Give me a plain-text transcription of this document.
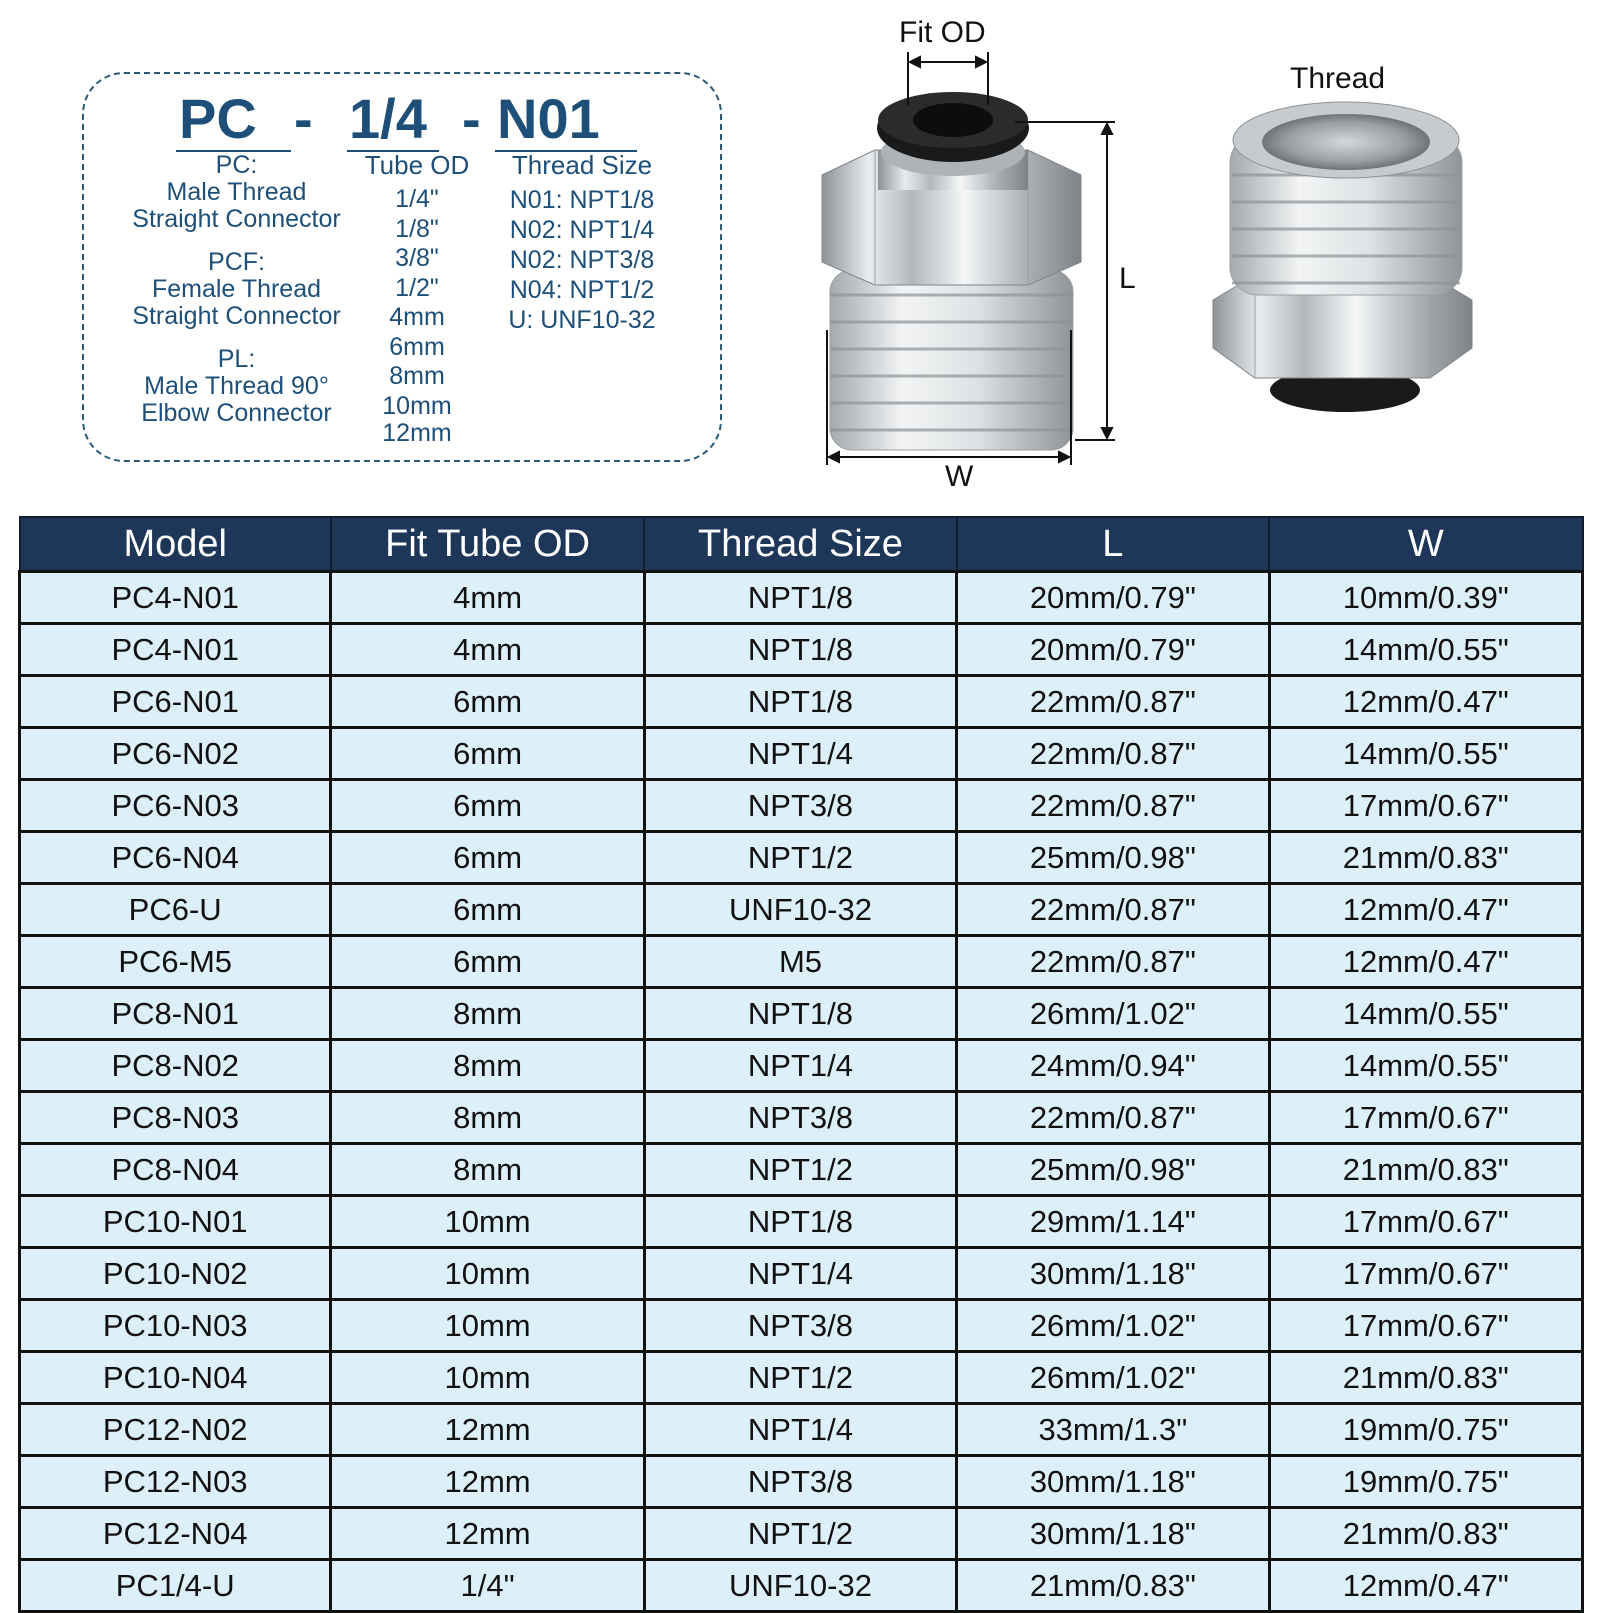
PC - 1/4 - N01
PC:
Male Thread
Straight Connector
PCF:
Female Thread
Straight Connector
PL:
Male Thread 90°
Elbow Connector
Tube OD
1/4"
1/8"
3/8"
1/2"
4mm
6mm
8mm
10mm
12mm
Thread Size
N01: NPT1/8
N02: NPT1/4
N02: NPT3/8
N04: NPT1/2
U: UNF10-32
Fit OD
L
W
Thread
Model	Fit Tube OD	Thread Size	L	W
PC4-N01	4mm	NPT1/8	20mm/0.79"	10mm/0.39"
PC4-N01	4mm	NPT1/8	20mm/0.79"	14mm/0.55"
PC6-N01	6mm	NPT1/8	22mm/0.87"	12mm/0.47"
PC6-N02	6mm	NPT1/4	22mm/0.87"	14mm/0.55"
PC6-N03	6mm	NPT3/8	22mm/0.87"	17mm/0.67"
PC6-N04	6mm	NPT1/2	25mm/0.98"	21mm/0.83"
PC6-U	6mm	UNF10-32	22mm/0.87"	12mm/0.47"
PC6-M5	6mm	M5	22mm/0.87"	12mm/0.47"
PC8-N01	8mm	NPT1/8	26mm/1.02"	14mm/0.55"
PC8-N02	8mm	NPT1/4	24mm/0.94"	14mm/0.55"
PC8-N03	8mm	NPT3/8	22mm/0.87"	17mm/0.67"
PC8-N04	8mm	NPT1/2	25mm/0.98"	21mm/0.83"
PC10-N01	10mm	NPT1/8	29mm/1.14"	17mm/0.67"
PC10-N02	10mm	NPT1/4	30mm/1.18"	17mm/0.67"
PC10-N03	10mm	NPT3/8	26mm/1.02"	17mm/0.67"
PC10-N04	10mm	NPT1/2	26mm/1.02"	21mm/0.83"
PC12-N02	12mm	NPT1/4	33mm/1.3"	19mm/0.75"
PC12-N03	12mm	NPT3/8	30mm/1.18"	19mm/0.75"
PC12-N04	12mm	NPT1/2	30mm/1.18"	21mm/0.83"
PC1/4-U	1/4"	UNF10-32	21mm/0.83"	12mm/0.47"
